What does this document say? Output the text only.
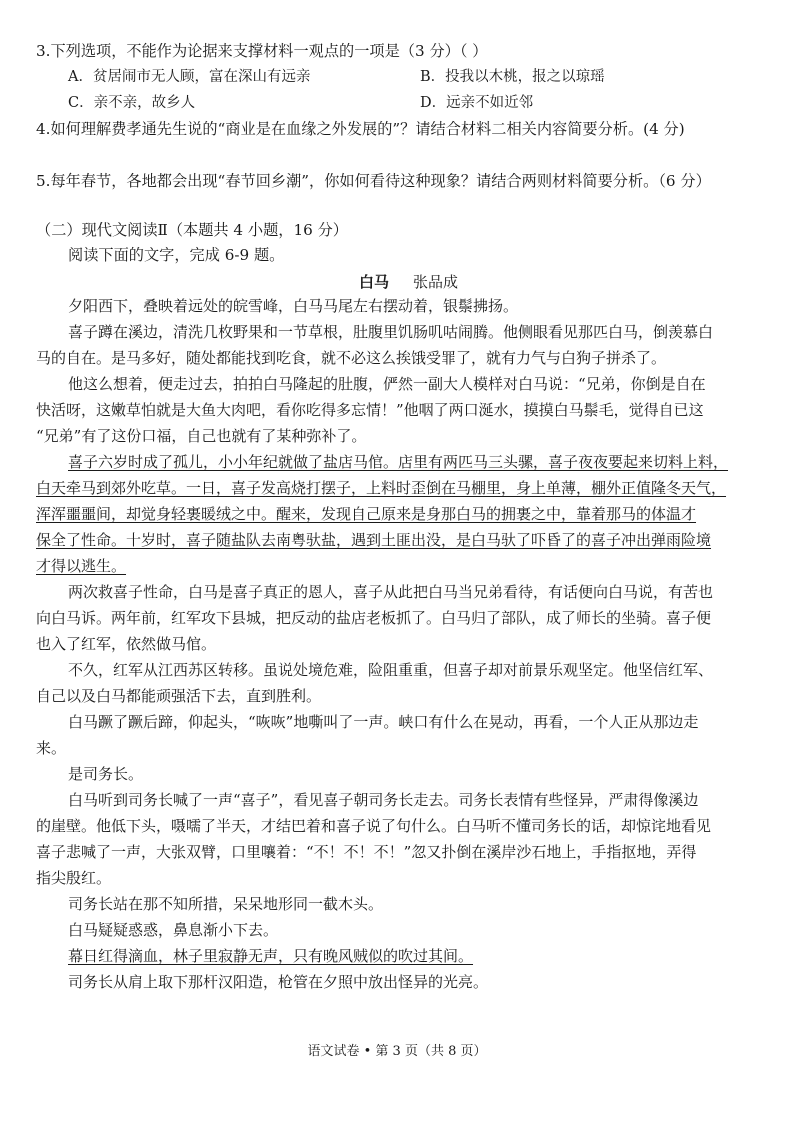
3.下列选项，不能作为论据来支撑材料一观点的一项是（3 分）（ ）
A．贫居闹市无人顾，富在深山有远亲	B．投我以木桃，报之以琼瑶
C．亲不亲，故乡人	D．远亲不如近邻
4.如何理解费孝通先生说的“商业是在血缘之外发展的”？请结合材料二相关内容简要分析。(4 分)
5.每年春节，各地都会出现“春节回乡潮”，你如何看待这种现象？请结合两则材料简要分析。（6 分）
（二）现代文阅读Ⅱ（本题共 4 小题，16 分）
阅读下面的文字，完成 6-9 题。
白马 张品成
夕阳西下，叠映着远处的皖雪峰，白马马尾左右摆动着，银鬃拂扬。
喜子蹲在溪边，清洗几枚野果和一节草根，肚腹里饥肠叽咕闹腾。他侧眼看见那匹白马，倒羡慕白
马的自在。是马多好，随处都能找到吃食，就不必这么挨饿受罪了，就有力气与白狗子拼杀了。
他这么想着，便走过去，拍拍白马隆起的肚腹，俨然一副大人模样对白马说：“兄弟，你倒是自在
快活呀，这嫩草怕就是大鱼大肉吧，看你吃得多忘情！”他咽了两口涎水，摸摸白马鬃毛，觉得自已这
“兄弟”有了这份口福，自己也就有了某种弥补了。
喜子六岁时成了孤儿，小小年纪就做了盐店马倌。店里有两匹马三头骡，喜子夜夜要起来切料上料，
白天牵马到郊外吃草。一日，喜子发高烧打摆子，上料时歪倒在马棚里，身上单薄，棚外正值隆冬天气，
浑浑噩噩间，却觉身轻裹暖绒之中。醒来，发现自己原来是身那白马的拥裹之中，靠着那马的体温才
保全了性命。十岁时，喜子随盐队去南粤驮盐，遇到土匪出没，是白马驮了吓昏了的喜子冲出弹雨险境
才得以逃生。
两次救喜子性命，白马是喜子真正的恩人，喜子从此把白马当兄弟看待，有话便向白马说，有苦也
向白马诉。两年前，红军攻下县城，把反动的盐店老板抓了。白马归了部队，成了师长的坐骑。喜子便
也入了红军，依然做马倌。
不久，红军从江西苏区转移。虽说处境危难，险阻重重，但喜子却对前景乐观坚定。他坚信红军、
自己以及白马都能顽强活下去，直到胜利。
白马蹶了蹶后蹄，仰起头，“咴咴”地嘶叫了一声。峡口有什么在晃动，再看，一个人正从那边走
来。
是司务长。
白马听到司务长喊了一声“喜子”，看见喜子朝司务长走去。司务长表情有些怪异，严肃得像溪边
的崖壁。他低下头，嗫嚅了半天，才结巴着和喜子说了句什么。白马听不懂司务长的话，却惊诧地看见
喜子悲喊了一声，大张双臂，口里嚷着：“不！不！不！”忽又扑倒在溪岸沙石地上，手指抠地，弄得
指尖殷红。
司务长站在那不知所措，呆呆地形同一截木头。
白马疑疑惑惑，鼻息渐小下去。
幕日红得滴血，林子里寂静无声，只有晚风贼似的吹过其间。
司务长从肩上取下那杆汉阳造，枪管在夕照中放出怪异的光亮。
语文试卷 • 第 3 页（共 8 页）
